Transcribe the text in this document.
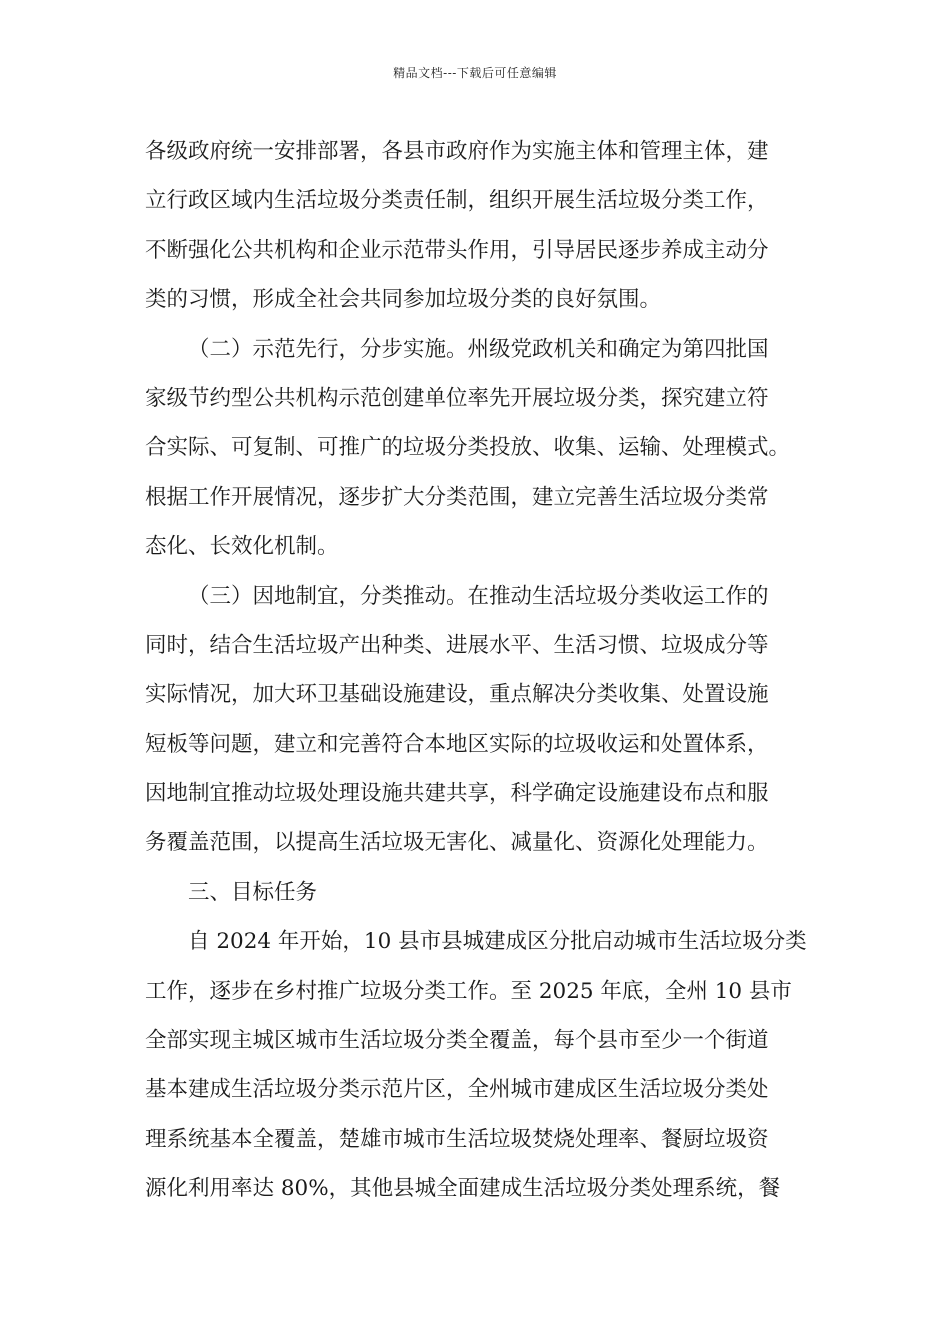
精品文档---下载后可任意编辑
各级政府统一安排部署，各县市政府作为实施主体和管理主体，建
立行政区域内生活垃圾分类责任制，组织开展生活垃圾分类工作，
不断强化公共机构和企业示范带头作用，引导居民逐步养成主动分
类的习惯，形成全社会共同参加垃圾分类的良好氛围。
（二）示范先行，分步实施。州级党政机关和确定为第四批国
家级节约型公共机构示范创建单位率先开展垃圾分类，探究建立符
合实际、可复制、可推广的垃圾分类投放、收集、运输、处理模式。
根据工作开展情况，逐步扩大分类范围，建立完善生活垃圾分类常
态化、长效化机制。
（三）因地制宜，分类推动。在推动生活垃圾分类收运工作的
同时，结合生活垃圾产出种类、进展水平、生活习惯、垃圾成分等
实际情况，加大环卫基础设施建设，重点解决分类收集、处置设施
短板等问题，建立和完善符合本地区实际的垃圾收运和处置体系，
因地制宜推动垃圾处理设施共建共享，科学确定设施建设布点和服
务覆盖范围，以提高生活垃圾无害化、减量化、资源化处理能力。
三、目标任务
自 2024 年开始，10 县市县城建成区分批启动城市生活垃圾分类
工作，逐步在乡村推广垃圾分类工作。至 2025 年底，全州 10 县市
全部实现主城区城市生活垃圾分类全覆盖，每个县市至少一个街道
基本建成生活垃圾分类示范片区，全州城市建成区生活垃圾分类处
理系统基本全覆盖，楚雄市城市生活垃圾焚烧处理率、餐厨垃圾资
源化利用率达 80%，其他县城全面建成生活垃圾分类处理系统，餐
